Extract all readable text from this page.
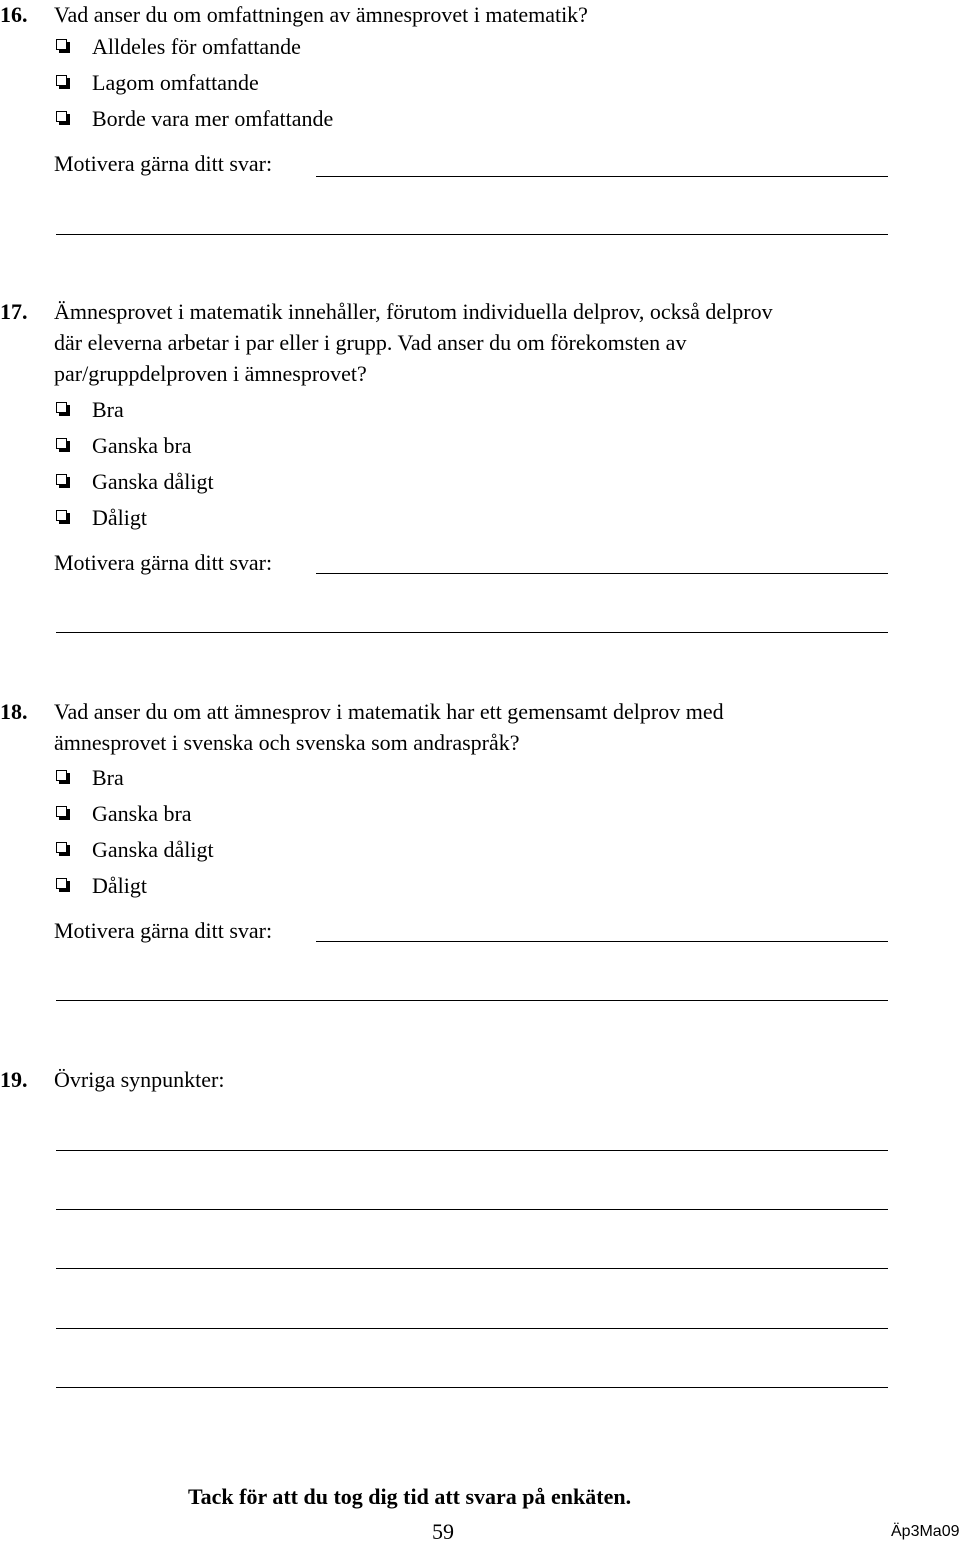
16. Vad anser du om omfattningen av ämnesprovet i matematik?
Alldeles för omfattande
Lagom omfattande
Borde vara mer omfattande
Motivera gärna ditt svar:
17. Ämnesprovet i matematik innehåller, förutom individuella delprov, också delprov
där eleverna arbetar i par eller i grupp. Vad anser du om förekomsten av
par/gruppdelproven i ämnesprovet?
Bra
Ganska bra
Ganska dåligt
Dåligt
Motivera gärna ditt svar:
18. Vad anser du om att ämnesprov i matematik har ett gemensamt delprov med
ämnesprovet i svenska och svenska som andraspråk?
Bra
Ganska bra
Ganska dåligt
Dåligt
Motivera gärna ditt svar:
19. Övriga synpunkter:
Tack för att du tog dig tid att svara på enkäten.
59	Äp3Ma09
